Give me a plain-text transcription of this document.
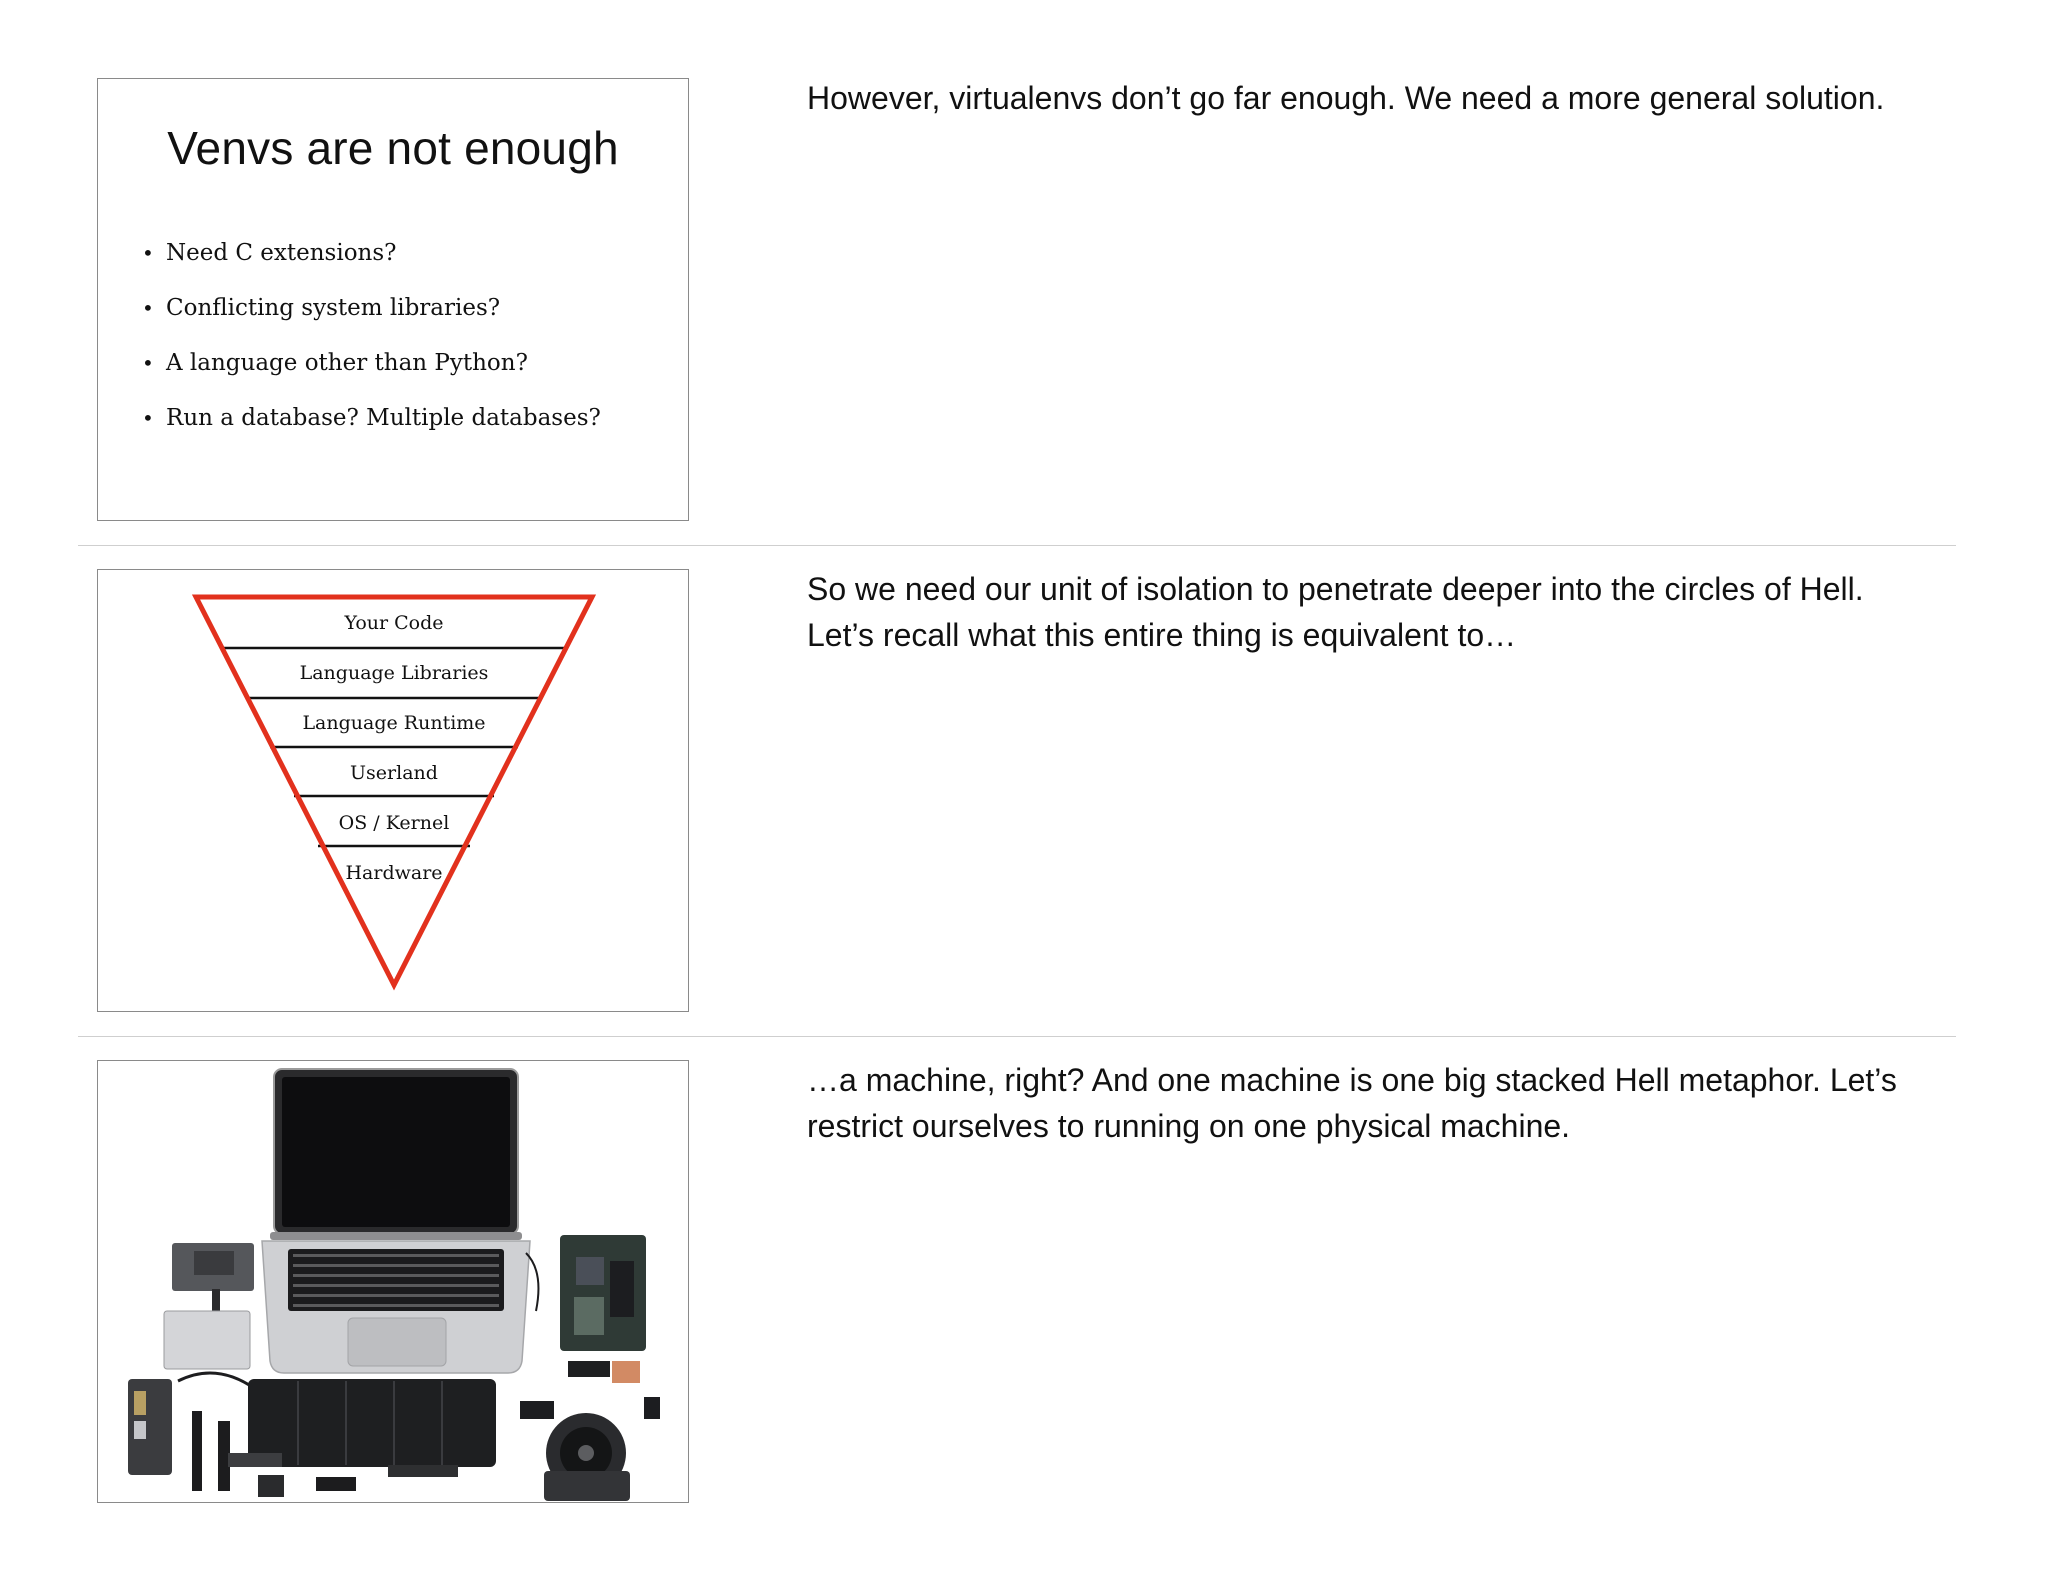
Venvs are not enough
• Need C extensions?
• Conflicting system libraries?
• A language other than Python?
• Run a database? Multiple databases?

However, virtualenvs don’t go far enough. We need a more general solution.

Your Code
Language Libraries
Language Runtime
Userland
OS / Kernel
Hardware

So we need our unit of isolation to penetrate deeper into the circles of Hell.
Let’s recall what this entire thing is equivalent to…

…a machine, right? And one machine is one big stacked Hell metaphor. Let’s
restrict ourselves to running on one physical machine.
